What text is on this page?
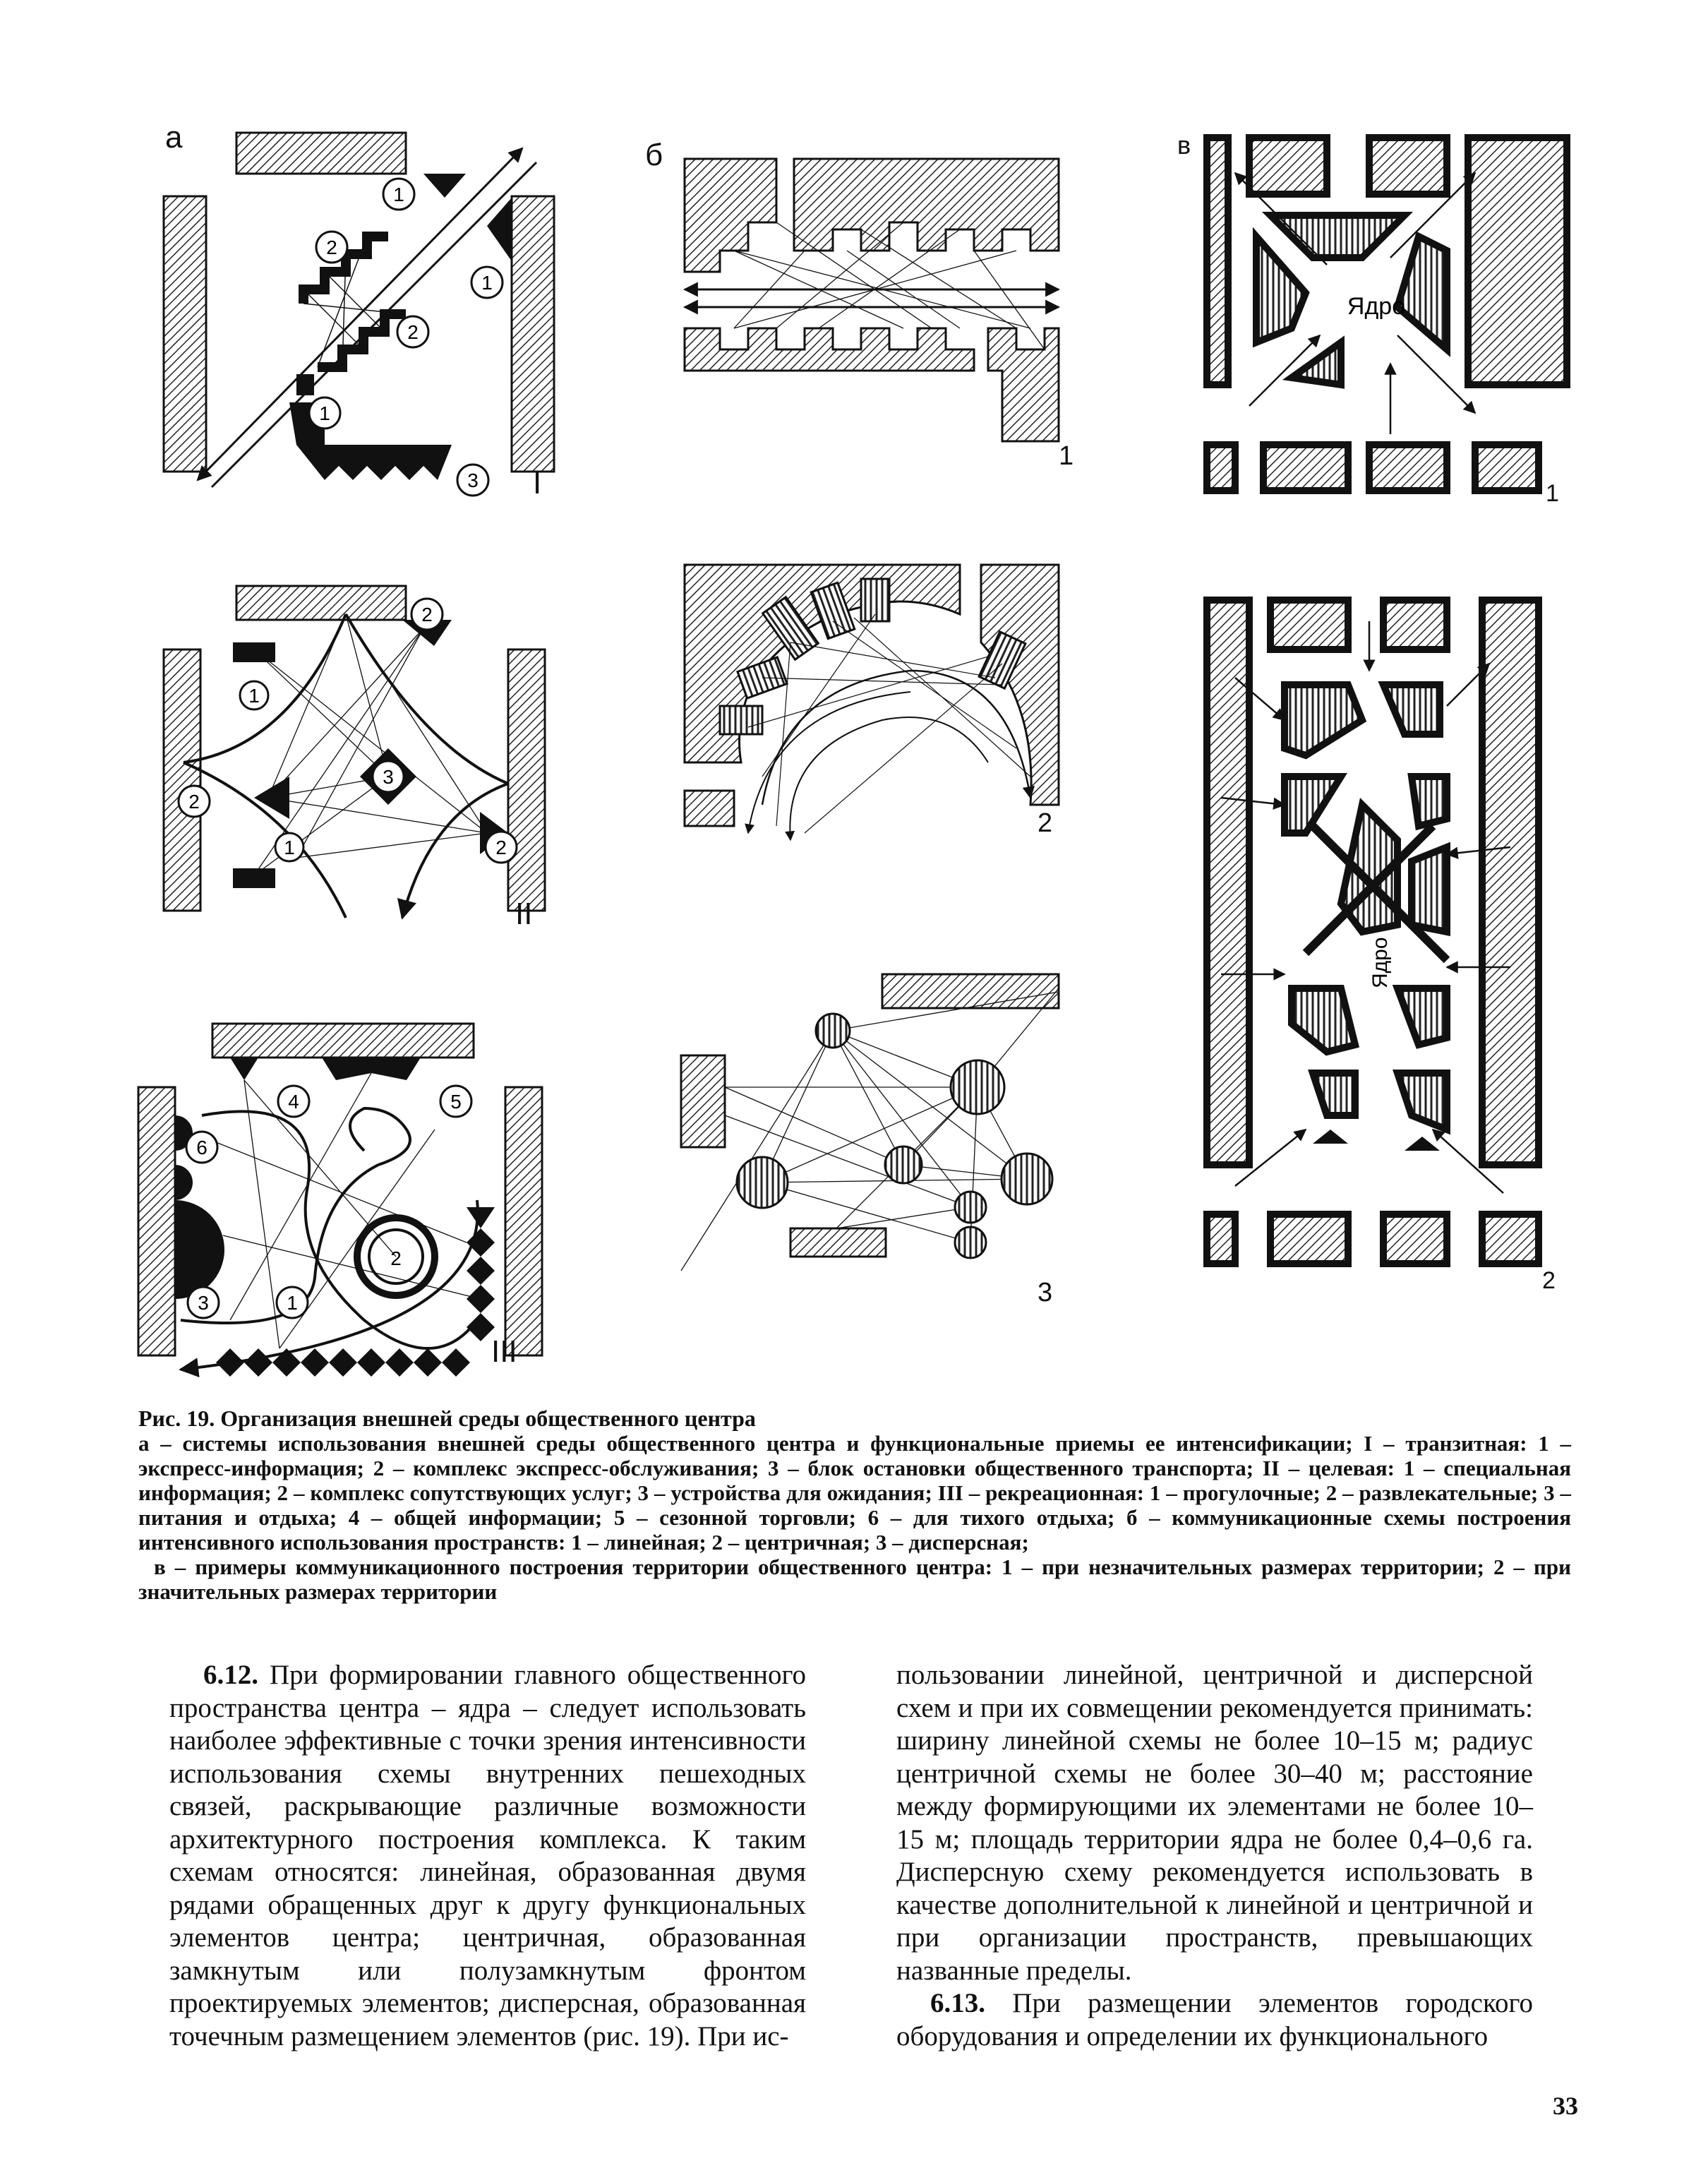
а
1
1
2
2
1
3 I
2
1
3
2
1	2
II
4	5
6
2
3	1
III
б
1
2
3
в
Ядро
1
Ядро
2
Рис. 19. Организация внешней среды общественного центра
а – системы использования внешней среды общественного центра и функциональные приемы ее интенсификации; I – транзитная: 1 – экспресс-информация; 2 – комплекс экспресс-обслуживания; 3 – блок остановки общественного транспорта; II – целевая: 1 – специальная информация; 2 – комплекс сопутствующих услуг; 3 – устройства для ожидания; III – рекреационная: 1 – прогулочные; 2 – развлекательные; 3 – питания и отдыха; 4 – общей информации; 5 – сезонной торговли; 6 – для тихого отдыха; б – коммуникационные схемы построения интенсивного использования пространств: 1 – линейная; 2 – центричная; 3 – дисперсная;
в – примеры коммуникационного построения территории общественного центра: 1 – при незначительных размерах территории; 2 – при значительных размерах территории

6.12. При формировании главного общественного пространства центра – ядра – следует использовать наиболее эффективные с точки зрения интенсивности использования схемы внутренних пешеходных связей, раскрывающие различные возможности архитектурного построения комплекса. К таким схемам относятся: линейная, образованная двумя рядами обращенных друг к другу функциональных элементов центра; центричная, образованная замкнутым или полузамкнутым фронтом проектируемых элементов; дисперсная, образованная точечным размещением элементов (рис. 19). При ис-

пользовании линейной, центричной и дисперсной схем и при их совмещении рекомендуется принимать: ширину линейной схемы не более 10–15 м; радиус центричной схемы не более 30–40 м; расстояние между формирующими их элементами не более 10–15 м; площадь территории ядра не более 0,4–0,6 га. Дисперсную схему рекомендуется использовать в качестве дополнительной к линейной и центричной и при организации пространств, превышающих названные пределы.

6.13. При размещении элементов городского оборудования и определении их функционального

33
